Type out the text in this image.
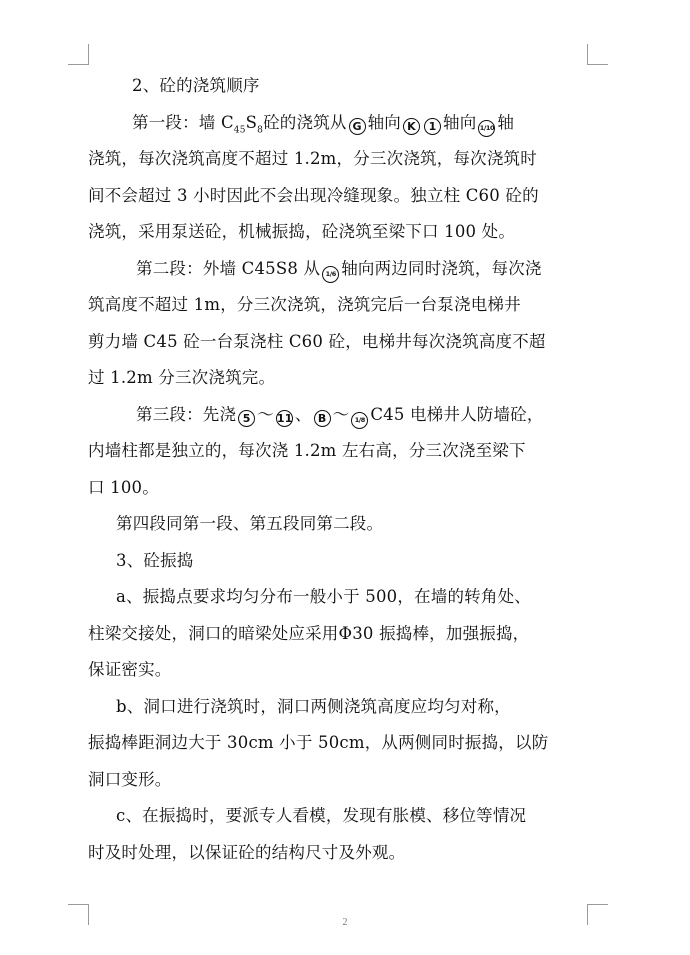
2、砼的浇筑顺序
第一段：墙 $C_{45}S_8$砼的浇筑从 G 轴向 K 1 轴向 1/10 轴
浇筑，每次浇筑高度不超过 1.2m，分三次浇筑，每次浇筑时
间不会超过 3 小时因此不会出现冷缝现象。独立柱 C60 砼的
浇筑，采用泵送砼，机械振捣，砼浇筑至梁下口 100 处。
第二段：外墙 C45S8 从 1/6 轴向两边同时浇筑，每次浇
筑高度不超过 1m，分三次浇筑，浇筑完后一台泵浇电梯井
剪力墙 C45 砼一台泵浇柱 C60 砼，电梯井每次浇筑高度不超
过 1.2m 分三次浇筑完。
第三段：先浇 5 ～ 11 、 B ～ 1/8 C45 电梯井人防墙砼，
内墙柱都是独立的，每次浇 1.2m 左右高，分三次浇至梁下
口 100。
第四段同第一段、第五段同第二段。
3、砼振捣
a、振捣点要求均匀分布一般小于 500，在墙的转角处、
柱梁交接处，洞口的暗梁处应采用Φ30 振捣棒，加强振捣，
保证密实。
b、洞口进行浇筑时，洞口两侧浇筑高度应均匀对称，
振捣棒距洞边大于 30cm 小于 50cm，从两侧同时振捣，以防
洞口变形。
c、在振捣时，要派专人看模，发现有胀模、移位等情况
时及时处理，以保证砼的结构尺寸及外观。
2
